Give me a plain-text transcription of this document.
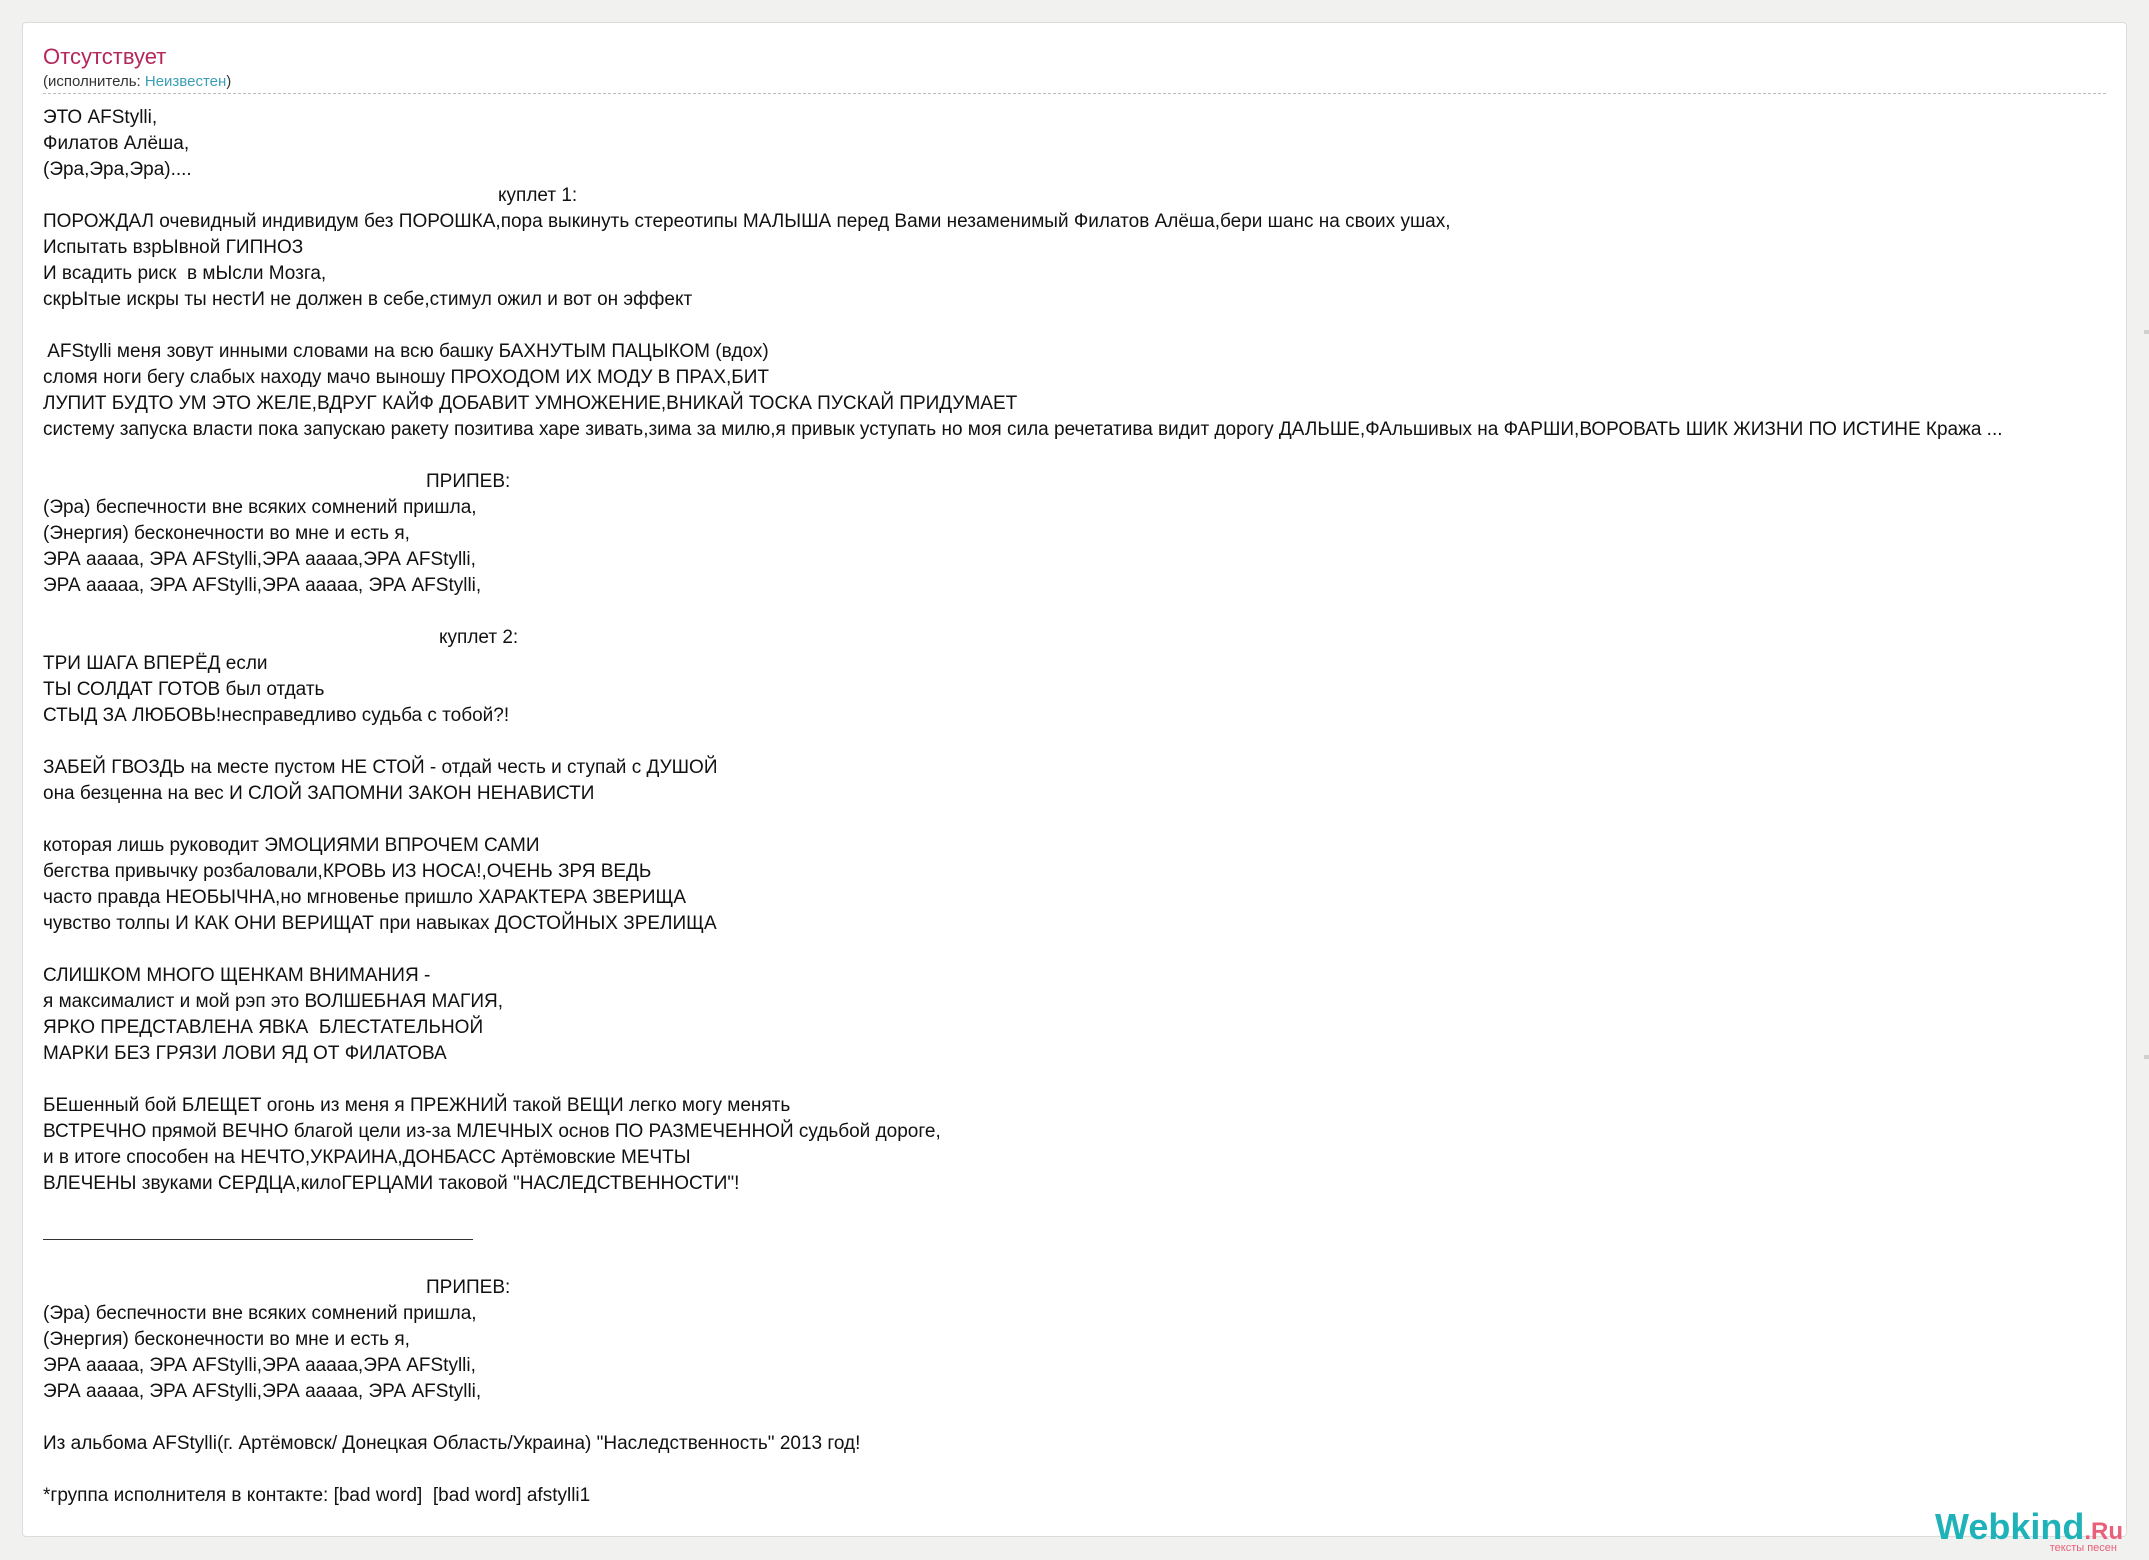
Отсутствует
(исполнитель: Неизвестен)
ЭТО AFStylli,
Филатов Алёша,
(Эра,Эра,Эра)....
куплет 1:
ПОРОЖДАЛ очевидный индивидум без ПОРОШКА,пора выкинуть стереотипы МАЛЫША перед Вами незаменимый Филатов Алёша,бери шанс на своих ушах,
Испытать взрЫвной ГИПНОЗ
И всадить риск  в мЫсли Мозга,
скрЫтые искры ты нестИ не должен в себе,стимул ожил и вот он эффект
AFStylli меня зовут инными словами на всю башку БАХНУТЫМ ПАЦЫКОМ (вдох)
сломя ноги бегу слабых находу мачо выношу ПРОХОДОМ ИХ МОДУ В ПРАХ,БИТ
ЛУПИТ БУДТО УМ ЭТО ЖЕЛЕ,ВДРУГ КАЙФ ДОБАВИТ УМНОЖЕНИЕ,ВНИКАЙ ТОСКА ПУСКАЙ ПРИДУМАЕТ
систему запуска власти пока запускаю ракету позитива харе зивать,зима за милю,я привык уступать но моя сила речетатива видит дорогу ДАЛЬШЕ,ФАльшивых на ФАРШИ,ВОРОВАТЬ ШИК ЖИЗНИ ПО ИСТИНЕ Кража ...
ПРИПЕВ:
(Эра) беспечности вне всяких сомнений пришла,
(Энергия) бесконечности во мне и есть я,
ЭРА ааааа, ЭРА AFStylli,ЭРА ааааа,ЭРА AFStylli,
ЭРА ааааа, ЭРА AFStylli,ЭРА ааааа, ЭРА AFStylli,
куплет 2:
ТРИ ШАГА ВПЕРЁД если
ТЫ СОЛДАТ ГОТОВ был отдать
СТЫД ЗА ЛЮБОВЬ!несправедливо судьба с тобой?!
ЗАБЕЙ ГВОЗДЬ на месте пустом НЕ СТОЙ - отдай честь и ступай с ДУШОЙ
она безценна на вес И СЛОЙ ЗАПОМНИ ЗАКОН НЕНАВИСТИ
которая лишь руководит ЭМОЦИЯМИ ВПРОЧЕМ САМИ
бегства привычку розбаловали,КРОВЬ ИЗ НОСА!,ОЧЕНЬ ЗРЯ ВЕДЬ
часто правда НЕОБЫЧНА,но мгновенье пришло ХАРАКТЕРА ЗВЕРИЩА
чувство толпы И КАК ОНИ ВЕРИЩАТ при навыках ДОСТОЙНЫХ ЗРЕЛИЩА
СЛИШКОМ МНОГО ЩЕНКАМ ВНИМАНИЯ -
я максималист и мой рэп это ВОЛШЕБНАЯ МАГИЯ,
ЯРКО ПРЕДСТАВЛЕНА ЯВКА  БЛЕСТАТЕЛЬНОЙ
МАРКИ БЕЗ ГРЯЗИ ЛОВИ ЯД ОТ ФИЛАТОВА
БЕшенный бой БЛЕЩЕТ огонь из меня я ПРЕЖНИЙ такой ВЕЩИ легко могу менять
ВСТРЕЧНО прямой ВЕЧНО благой цели из-за МЛЕЧНЫХ основ ПО РАЗМЕЧЕННОЙ судьбой дороге,
и в итоге способен на НЕЧТО,УКРАИНА,ДОНБАСС Артёмовские МЕЧТЫ
ВЛЕЧЕНЫ звуками СЕРДЦА,килоГЕРЦАМИ таковой "НАСЛЕДСТВЕННОСТИ"!
ПРИПЕВ:
(Эра) беспечности вне всяких сомнений пришла,
(Энергия) бесконечности во мне и есть я,
ЭРА ааааа, ЭРА AFStylli,ЭРА ааааа,ЭРА AFStylli,
ЭРА ааааа, ЭРА AFStylli,ЭРА ааааа, ЭРА AFStylli,
Из альбома AFStylli(г. Артёмовск/ Донецкая Область/Украина) "Наследственность" 2013 год!
*группа исполнителя в контакте: [bad word]  [bad word] afstylli1
Webkind.Ru
тексты песен
